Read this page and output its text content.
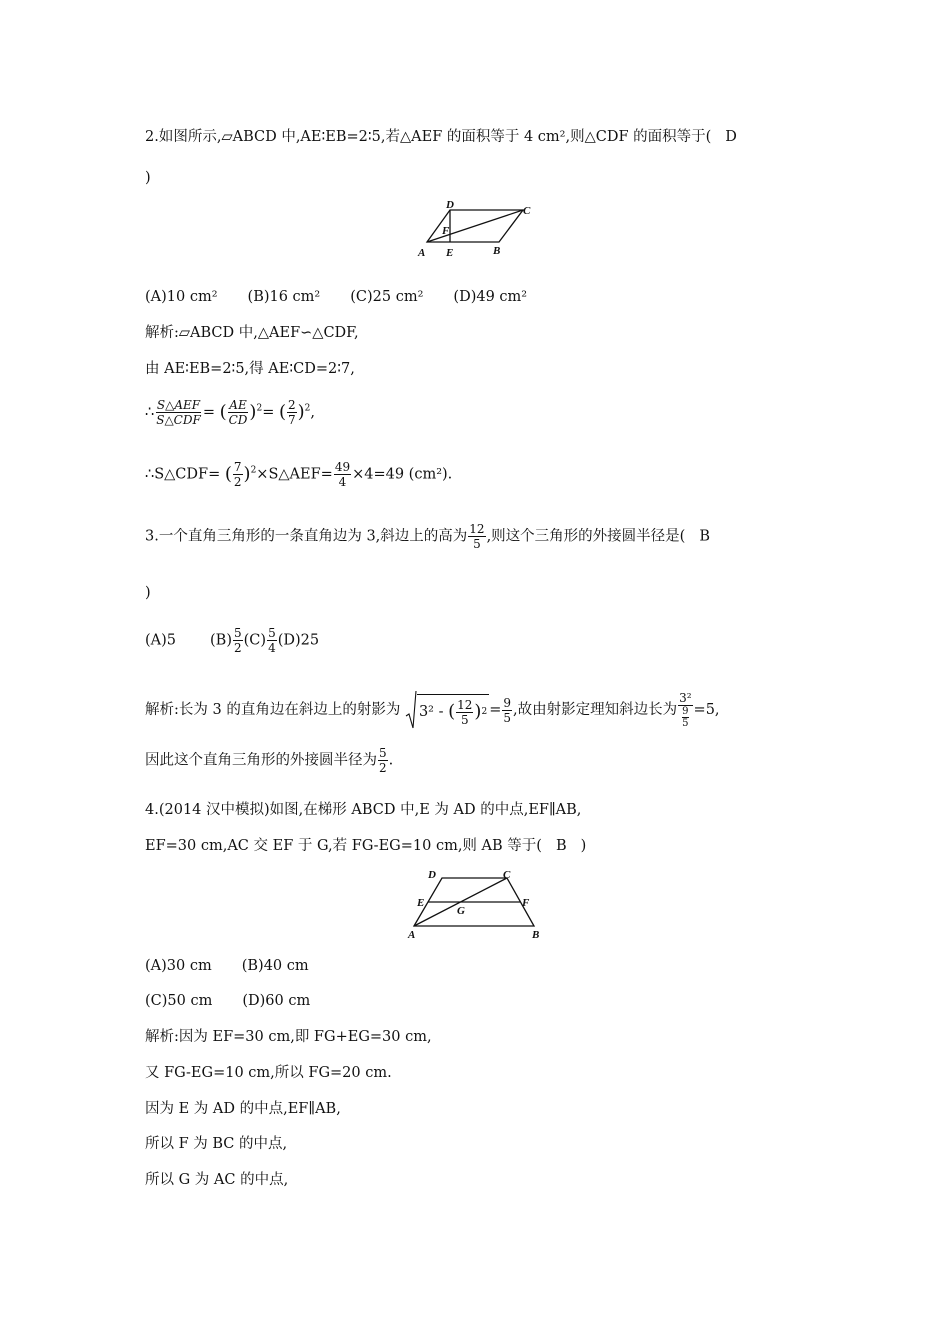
2.如图所示,▱ABCD 中,AE∶EB=2∶5,若△AEF 的面积等于 4 cm²,则△CDF 的面积等于( D
)
D	C
F
A E	B
(A)10 cm² (B)16 cm² (C)25 cm² (D)49 cm²
解析:▱ABCD 中,△AEF∽△CDF,
由 AE∶EB=2∶5,得 AE∶CD=2∶7,
∴ $\frac{\text{S△AEF}}{\text{S△CDF}}$ = ( $\frac{AE}{CD} )^2=$ ( $\frac{2}{7} )^2$,
∴S△CDF= ( $\frac{7}{2}$ )$^2$×S△AEF= $\frac{49}{4} \times 4=49$ (cm²).
3.一个直角三角形的一条直角边为 3,斜边上的高为 $\frac{12}{5}$ ,则这个三角形的外接圆半径是( B
)
(A)5 $(B) \frac{5}{2} (C) \frac{5}{4} (D)25$
解析:长为 3 的直角边在斜边上的射影为 3²
-
( $\frac{12}{5}$ ) $2 = \frac{9}{5}$ ,故由射影定理知斜边长为 3²
9
5 =5,
因此这个直角三角形的外接圆半径为 $\frac{5}{2}$ .
4.(2014 汉中模拟)如图,在梯形 ABCD 中,E 为 AD 的中点,EF∥AB,
EF=30 cm,AC 交 EF 于 G,若 FG-EG=10 cm,则 AB 等于( B )
D	C
E
G
F
A	B
(A)30 cm (B)40 cm
(C)50 cm (D)60 cm
解析:因为 EF=30 cm,即 FG+EG=30 cm,
又 FG-EG=10 cm,所以 FG=20 cm.
因为 E 为 AD 的中点,EF∥AB,
所以 F 为 BC 的中点,
所以 G 为 AC 的中点,
